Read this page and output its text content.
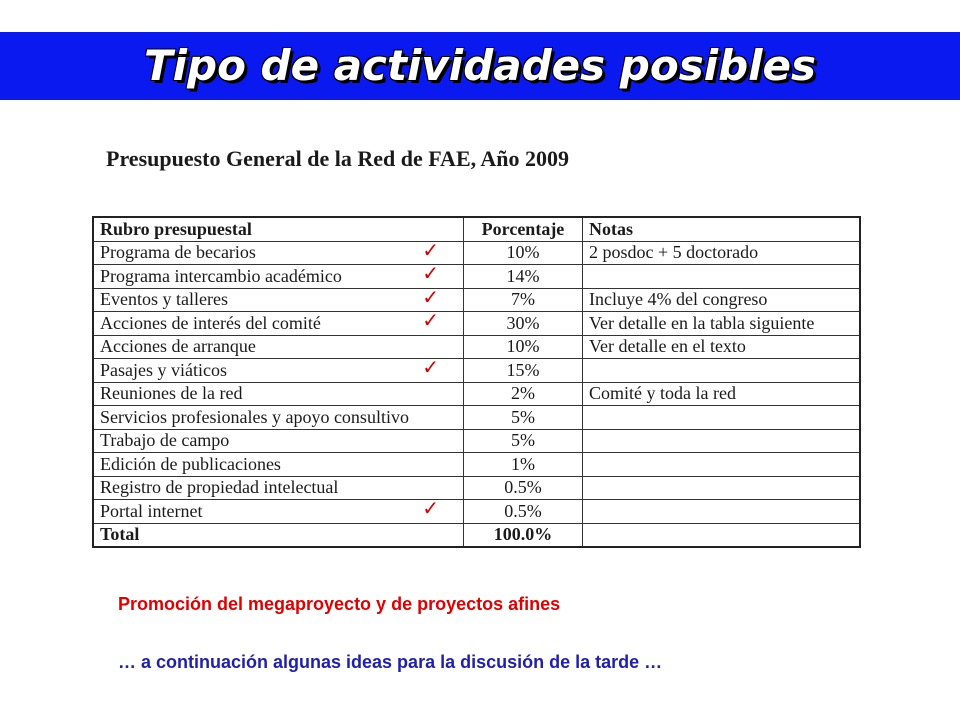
Tipo de actividades posibles
Presupuesto General de la Red de FAE, Año 2009
Rubro presupuestal	Porcentaje	Notas
Programa de becarios ✓	10%	2 posdoc + 5 doctorado
Programa intercambio académico ✓	14%	
Eventos y talleres ✓	7%	Incluye 4% del congreso
Acciones de interés del comité ✓	30%	Ver detalle en la tabla siguiente
Acciones de arranque	10%	Ver detalle en el texto
Pasajes y viáticos ✓	15%	
Reuniones de la red	2%	Comité y toda la red
Servicios profesionales y apoyo consultivo	5%	
Trabajo de campo	5%	
Edición de publicaciones	1%	
Registro de propiedad intelectual	0.5%	
Portal internet ✓	0.5%	
Total	100.0%	
Promoción del megaproyecto y de proyectos afines
… a continuación algunas ideas para la discusión de la tarde …
